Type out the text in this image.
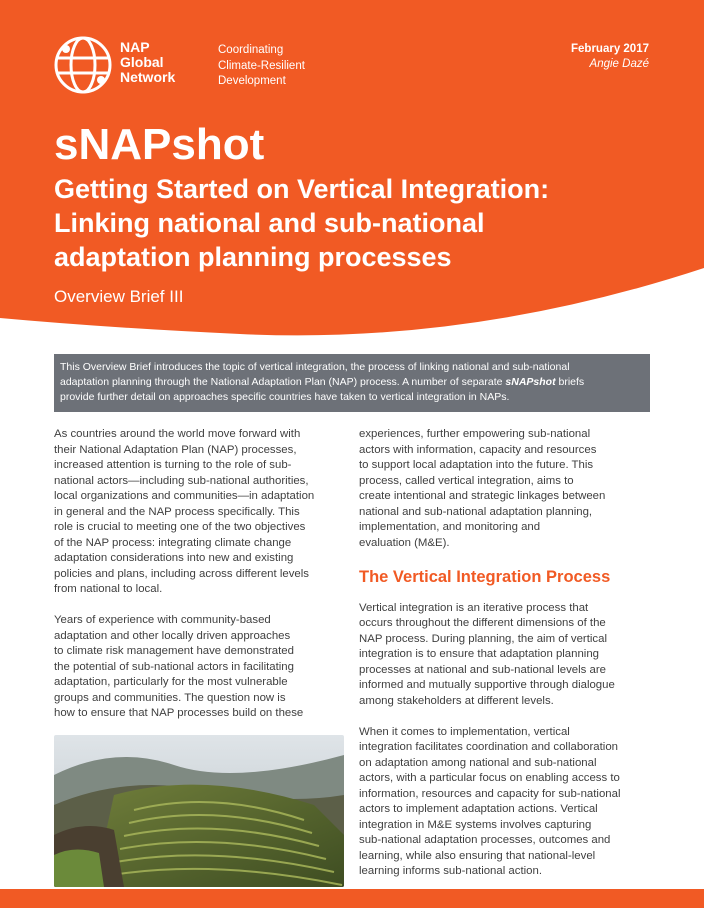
NAP
Global
Network
Coordinating
Climate-Resilient
Development
February 2017
Angie Dazé
sNAPshot
Getting Started on Vertical Integration:
Linking national and sub-national
adaptation planning processes
Overview Brief III
This Overview Brief introduces the topic of vertical integration, the process of linking national and sub-national
adaptation planning through the National Adaptation Plan (NAP) process. A number of separate sNAPshot briefs
provide further detail on approaches specific countries have taken to vertical integration in NAPs.
As countries around the world move forward with
their National Adaptation Plan (NAP) processes,
increased attention is turning to the role of sub-
national actors—including sub-national authorities,
local organizations and communities—in adaptation
in general and the NAP process specifically. This
role is crucial to meeting one of the two objectives
of the NAP process: integrating climate change
adaptation considerations into new and existing
policies and plans, including across different levels
from national to local.
Years of experience with community-based
adaptation and other locally driven approaches
to climate risk management have demonstrated
the potential of sub-national actors in facilitating
adaptation, particularly for the most vulnerable
groups and communities. The question now is
how to ensure that NAP processes build on these
experiences, further empowering sub-national
actors with information, capacity and resources
to support local adaptation into the future. This
process, called vertical integration, aims to
create intentional and strategic linkages between
national and sub-national adaptation planning,
implementation, and monitoring and
evaluation (M&E).
The Vertical Integration Process
Vertical integration is an iterative process that
occurs throughout the different dimensions of the
NAP process. During planning, the aim of vertical
integration is to ensure that adaptation planning
processes at national and sub-national levels are
informed and mutually supportive through dialogue
among stakeholders at different levels.
When it comes to implementation, vertical
integration facilitates coordination and collaboration
on adaptation among national and sub-national
actors, with a particular focus on enabling access to
information, resources and capacity for sub-national
actors to implement adaptation actions. Vertical
integration in M&E systems involves capturing
sub-national adaptation processes, outcomes and
learning, while also ensuring that national-level
learning informs sub-national action.
